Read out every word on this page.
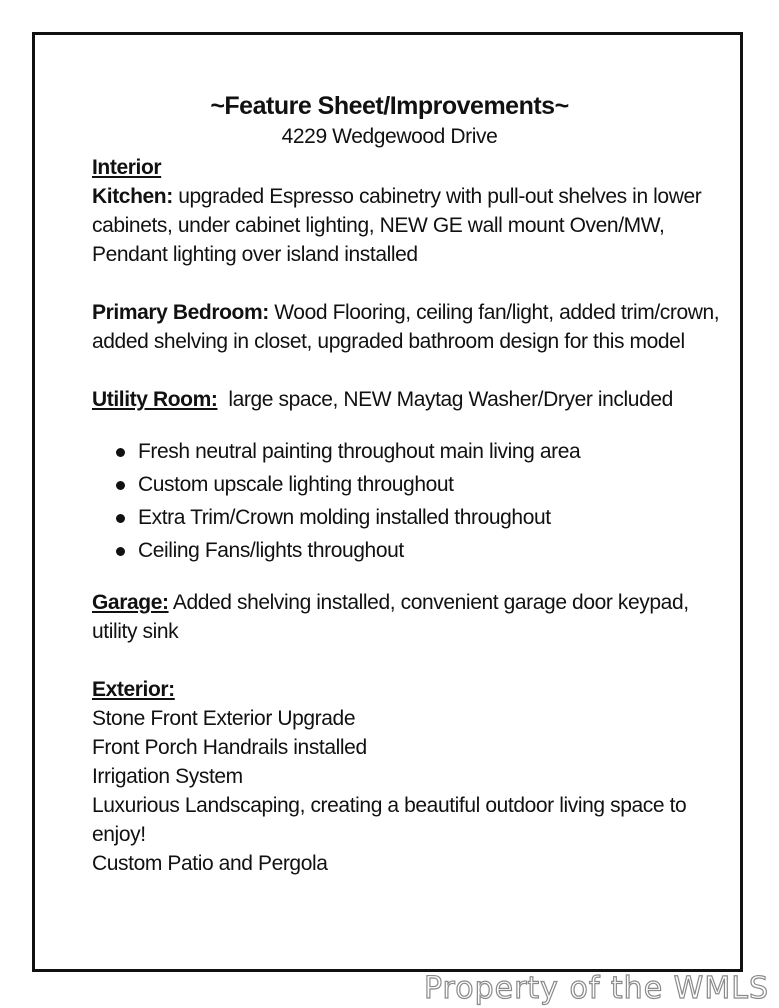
~Feature Sheet/Improvements~
4229 Wedgewood Drive
Interior
Kitchen: upgraded Espresso cabinetry with pull-out shelves in lower
cabinets, under cabinet lighting, NEW GE wall mount Oven/MW,
Pendant lighting over island installed
Primary Bedroom: Wood Flooring, ceiling fan/light, added trim/crown,
added shelving in closet, upgraded bathroom design for this model
Utility Room:  large space, NEW Maytag Washer/Dryer included
Fresh neutral painting throughout main living area
Custom upscale lighting throughout
Extra Trim/Crown molding installed throughout
Ceiling Fans/lights throughout
Garage: Added shelving installed, convenient garage door keypad,
utility sink
Exterior:
Stone Front Exterior Upgrade
Front Porch Handrails installed
Irrigation System
Luxurious Landscaping, creating a beautiful outdoor living space to
enjoy!
Custom Patio and Pergola
Property of the WMLS
